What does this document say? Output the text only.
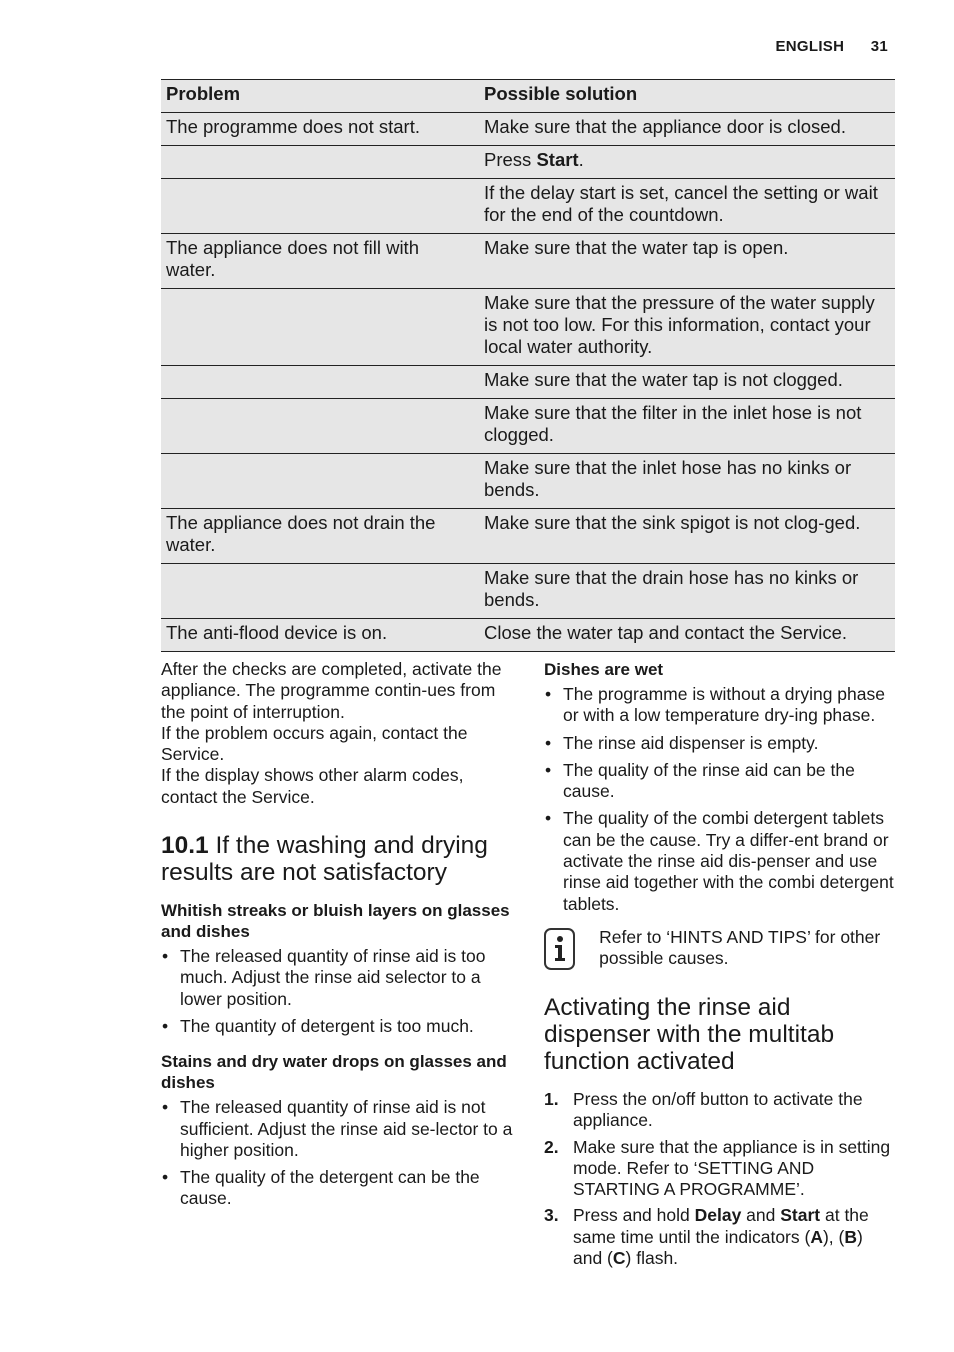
ENGLISH 31
Problem	Possible solution
The programme does not start.	Make sure that the appliance door is closed.
	Press Start.
	If the delay start is set, cancel the setting or wait for the end of the countdown.
The appliance does not fill with water.	Make sure that the water tap is open.
	Make sure that the pressure of the water supply is not too low. For this information, contact your local water authority.
	Make sure that the water tap is not clogged.
	Make sure that the filter in the inlet hose is not clogged.
	Make sure that the inlet hose has no kinks or bends.
The appliance does not drain the water.	Make sure that the sink spigot is not clog-ged.
	Make sure that the drain hose has no kinks or bends.
The anti-flood device is on.	Close the water tap and contact the Service.

After the checks are completed, activate the appliance. The programme contin-ues from the point of interruption.

If the problem occurs again, contact the Service.

If the display shows other alarm codes, contact the Service.

10.1 If the washing and drying results are not satisfactory
Whitish streaks or bluish layers on glasses and dishes
• The released quantity of rinse aid is too much. Adjust the rinse aid selector to a lower position.
• The quantity of detergent is too much.
Stains and dry water drops on glasses and dishes
• The released quantity of rinse aid is not sufficient. Adjust the rinse aid se-lector to a higher position.
• The quality of the detergent can be the cause.
Dishes are wet
• The programme is without a drying phase or with a low temperature dry-ing phase.
• The rinse aid dispenser is empty.
• The quality of the rinse aid can be the cause.
• The quality of the combi detergent tablets can be the cause. Try a differ-ent brand or activate the rinse aid dis-penser and use rinse aid together with the combi detergent tablets.
Refer to ‘HINTS AND TIPS’ for other possible causes.
Activating the rinse aid dispenser with the multitab function activated
1. Press the on/off button to activate the appliance.
2. Make sure that the appliance is in setting mode. Refer to ‘SETTING AND STARTING A PROGRAMME’.
3. Press and hold Delay and Start at the same time until the indicators (A), (B) and (C) flash.
